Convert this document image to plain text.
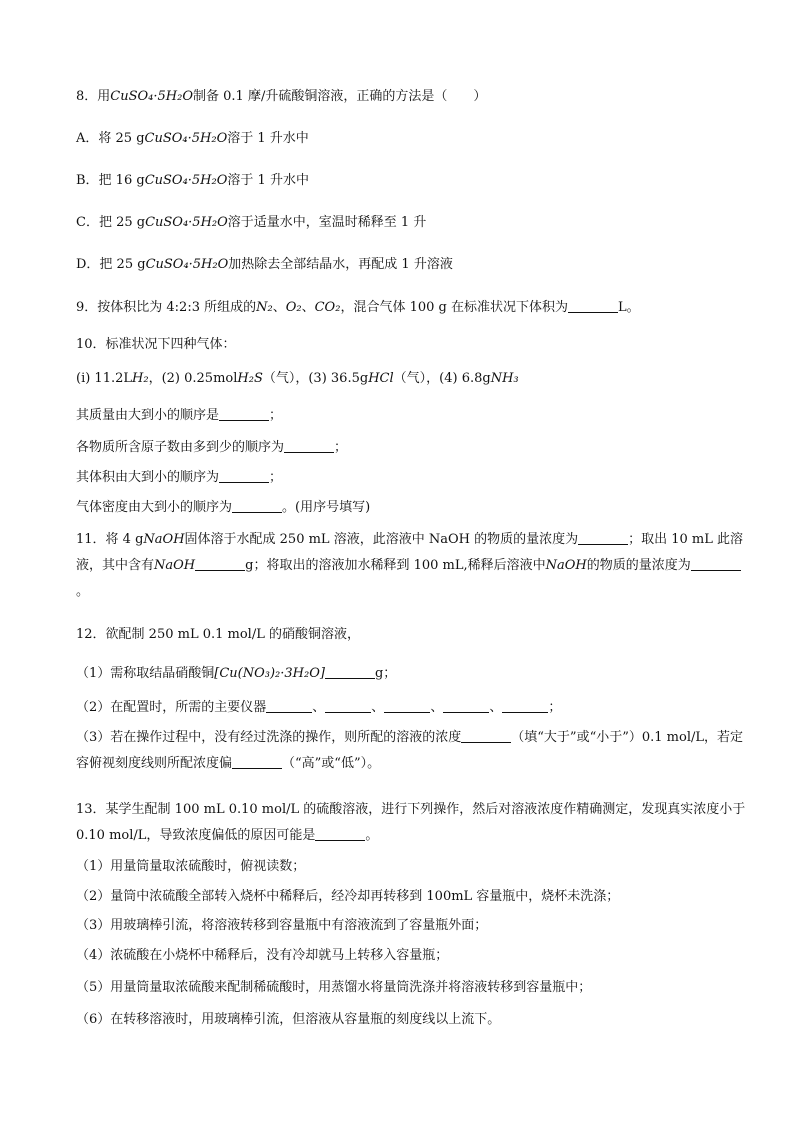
8．用CuSO₄·5H₂O制备 0.1 摩/升硫酸铜溶液，正确的方法是（　　）
A．将 25 gCuSO₄·5H₂O溶于 1 升水中
B．把 16 gCuSO₄·5H₂O溶于 1 升水中
C．把 25 gCuSO₄·5H₂O溶于适量水中，室温时稀释至 1 升
D．把 25 gCuSO₄·5H₂O加热除去全部结晶水，再配成 1 升溶液
9．按体积比为 4:2:3 所组成的N₂、O₂、CO₂，混合气体 100 g 在标准状况下体积为	L。
10．标准状况下四种气体：
(i) 11.2LH₂，(2) 0.25molH₂S（气），(3) 36.5gHCl（气），(4) 6.8gNH₃
其质量由大到小的顺序是	；
各物质所含原子数由多到少的顺序为	；
其体积由大到小的顺序为	；
气体密度由大到小的顺序为	。(用序号填写)
11．将 4 gNaOH固体溶于水配成 250 mL 溶液，此溶液中 NaOH 的物质的量浓度为	；取出 10 mL 此溶液，其中含有NaOH	g；将取出的溶液加水稀释到 100 mL,稀释后溶液中NaOH的物质的量浓度为。
12．欲配制 250 mL 0.1 mol/L 的硝酸铜溶液，
（1）需称取结晶硝酸铜[Cu(NO₃)₂·3H₂O]	g；
（2）在配置时，所需的主要仪器	、	、	、	、	；
（3）若在操作过程中，没有经过洗涤的操作，则所配的溶液的浓度	（填“大于”或“小于”）0.1 mol/L，若定容俯视刻度线则所配浓度偏	（“高”或“低”）。
13．某学生配制 100 mL 0.10 mol/L 的硫酸溶液，进行下列操作，然后对溶液浓度作精确测定，发现真实浓度小于 0.10 mol/L，导致浓度偏低的原因可能是	。
（1）用量筒量取浓硫酸时，俯视读数；
（2）量筒中浓硫酸全部转入烧杯中稀释后，经冷却再转移到 100mL 容量瓶中，烧杯未洗涤；
（3）用玻璃棒引流，将溶液转移到容量瓶中有溶液流到了容量瓶外面；
（4）浓硫酸在小烧杯中稀释后，没有冷却就马上转移入容量瓶；
（5）用量筒量取浓硫酸来配制稀硫酸时，用蒸馏水将量筒洗涤并将溶液转移到容量瓶中；
（6）在转移溶液时，用玻璃棒引流，但溶液从容量瓶的刻度线以上流下。
